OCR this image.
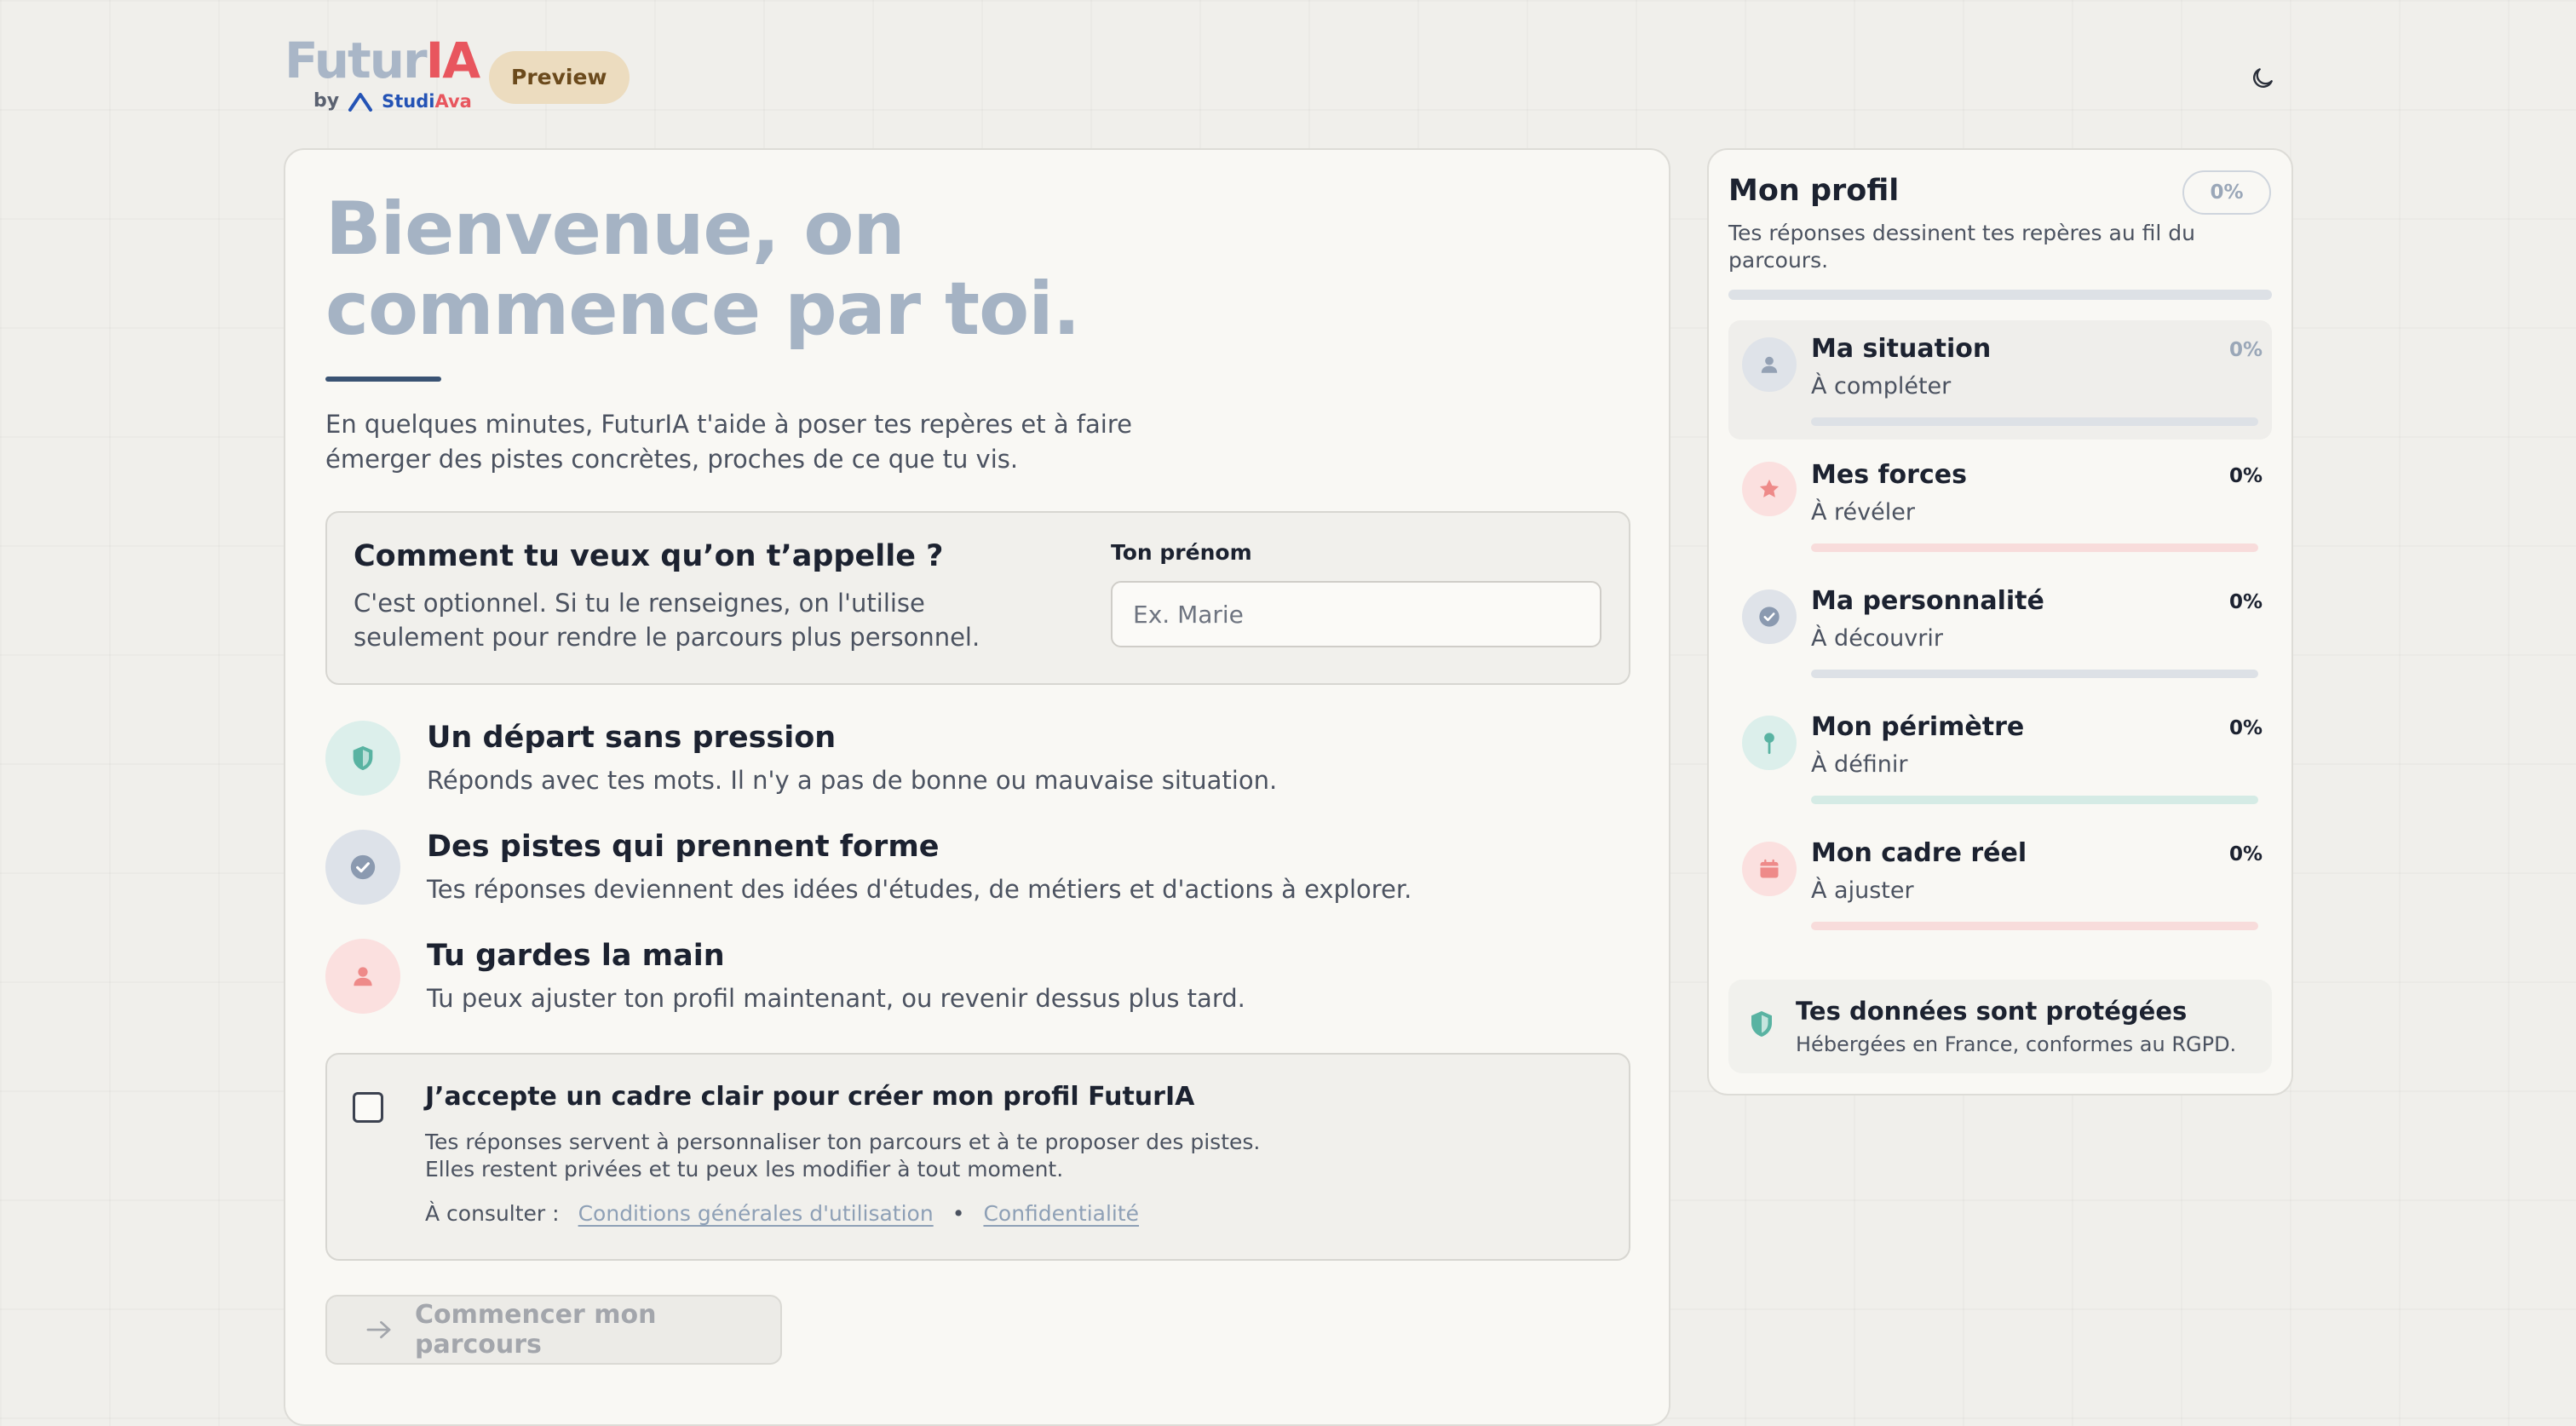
FuturIA
by StudiAva
Preview
Bienvenue, on commence par toi.
En quelques minutes, FuturIA t'aide à poser tes repères et à faire émerger des pistes concrètes, proches de ce que tu vis.
Comment tu veux qu’on t’appelle ?
C'est optionnel. Si tu le renseignes, on l'utilise seulement pour rendre le parcours plus personnel.
Ton prénom
Ex. Marie
Un départ sans pression
Réponds avec tes mots. Il n'y a pas de bonne ou mauvaise situation.
Des pistes qui prennent forme
Tes réponses deviennent des idées d'études, de métiers et d'actions à explorer.
Tu gardes la main
Tu peux ajuster ton profil maintenant, ou revenir dessus plus tard.
J’accepte un cadre clair pour créer mon profil FuturIA
Tes réponses servent à personnaliser ton parcours et à te proposer des pistes.
Elles restent privées et tu peux les modifier à tout moment.
À consulter : Conditions générales d'utilisation • Confidentialité
Commencer mon parcours
Mon profil	0%
Tes réponses dessinent tes repères au fil du parcours.
Ma situation
À compléter
0%
Mes forces
À révéler
0%
Ma personnalité
À découvrir
0%
Mon périmètre
À définir
0%
Mon cadre réel
À ajuster
0%
Tes données sont protégées
Hébergées en France, conformes au RGPD.
